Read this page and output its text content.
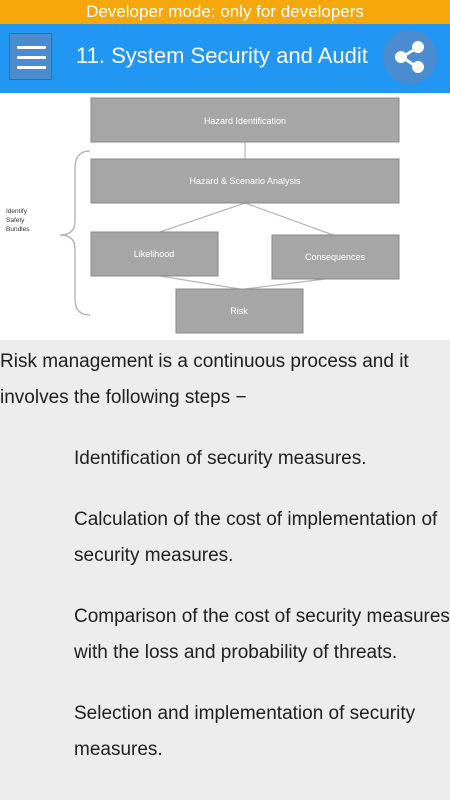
Developer mode: only for developers
11. System Security and Audit
Identify
Safety
Bundles
Hazard Identification
Hazard & Scenario Analysis
Likelihood	Consequences
Risk

Risk management is a continuous process and it involves the following steps −

Identification of security measures.
Calculation of the cost of implementation of security measures.
Comparison of the cost of security measures with the loss and probability of threats.
Selection and implementation of security measures.
